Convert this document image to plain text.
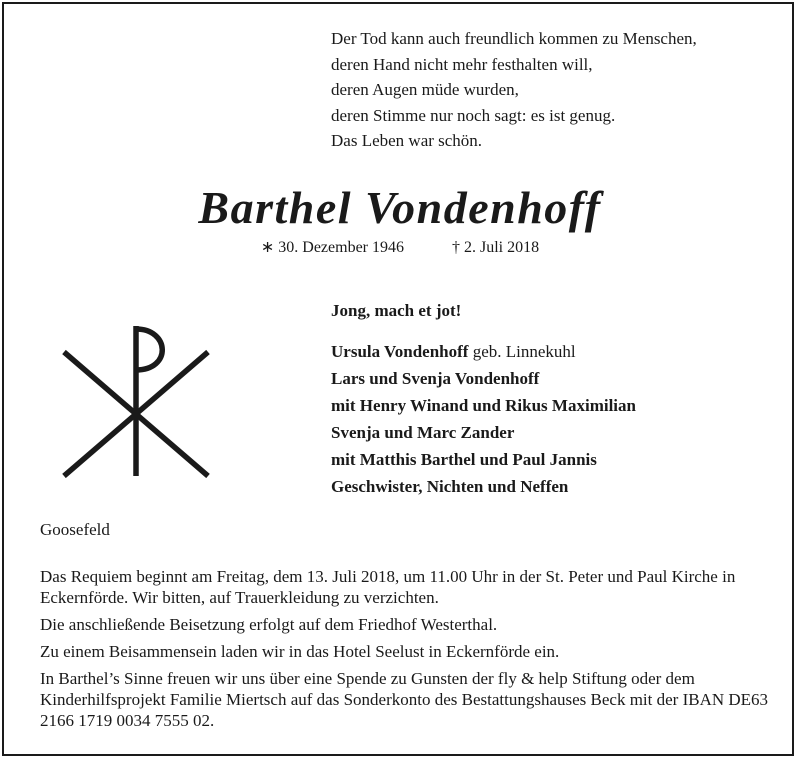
Der Tod kann auch freundlich kommen zu Menschen,
deren Hand nicht mehr festhalten will,
deren Augen müde wurden,
deren Stimme nur noch sagt: es ist genug.
Das Leben war schön.
Barthel Vondenhoff
∗ 30. Dezember 1946	† 2. Juli 2018
Jong, mach et jot!
Ursula Vondenhoff geb. Linnekuhl
Lars und Svenja Vondenhoff
mit Henry Winand und Rikus Maximilian
Svenja und Marc Zander
mit Matthis Barthel und Paul Jannis
Geschwister, Nichten und Neffen
Goosefeld

Das Requiem beginnt am Freitag, dem 13. Juli 2018, um 11.00 Uhr in der St. Peter und Paul Kirche in Eckernförde. Wir bitten, auf Trauerkleidung zu verzichten.

Die anschließende Beisetzung erfolgt auf dem Friedhof Westerthal.

Zu einem Beisammensein laden wir in das Hotel Seelust in Eckernförde ein.

In Barthel’s Sinne freuen wir uns über eine Spende zu Gunsten der fly & help Stiftung oder dem Kinderhilfsprojekt Familie Miertsch auf das Sonderkonto des Bestattungshauses Beck mit der IBAN DE63 2166 1719 0034 7555 02.
